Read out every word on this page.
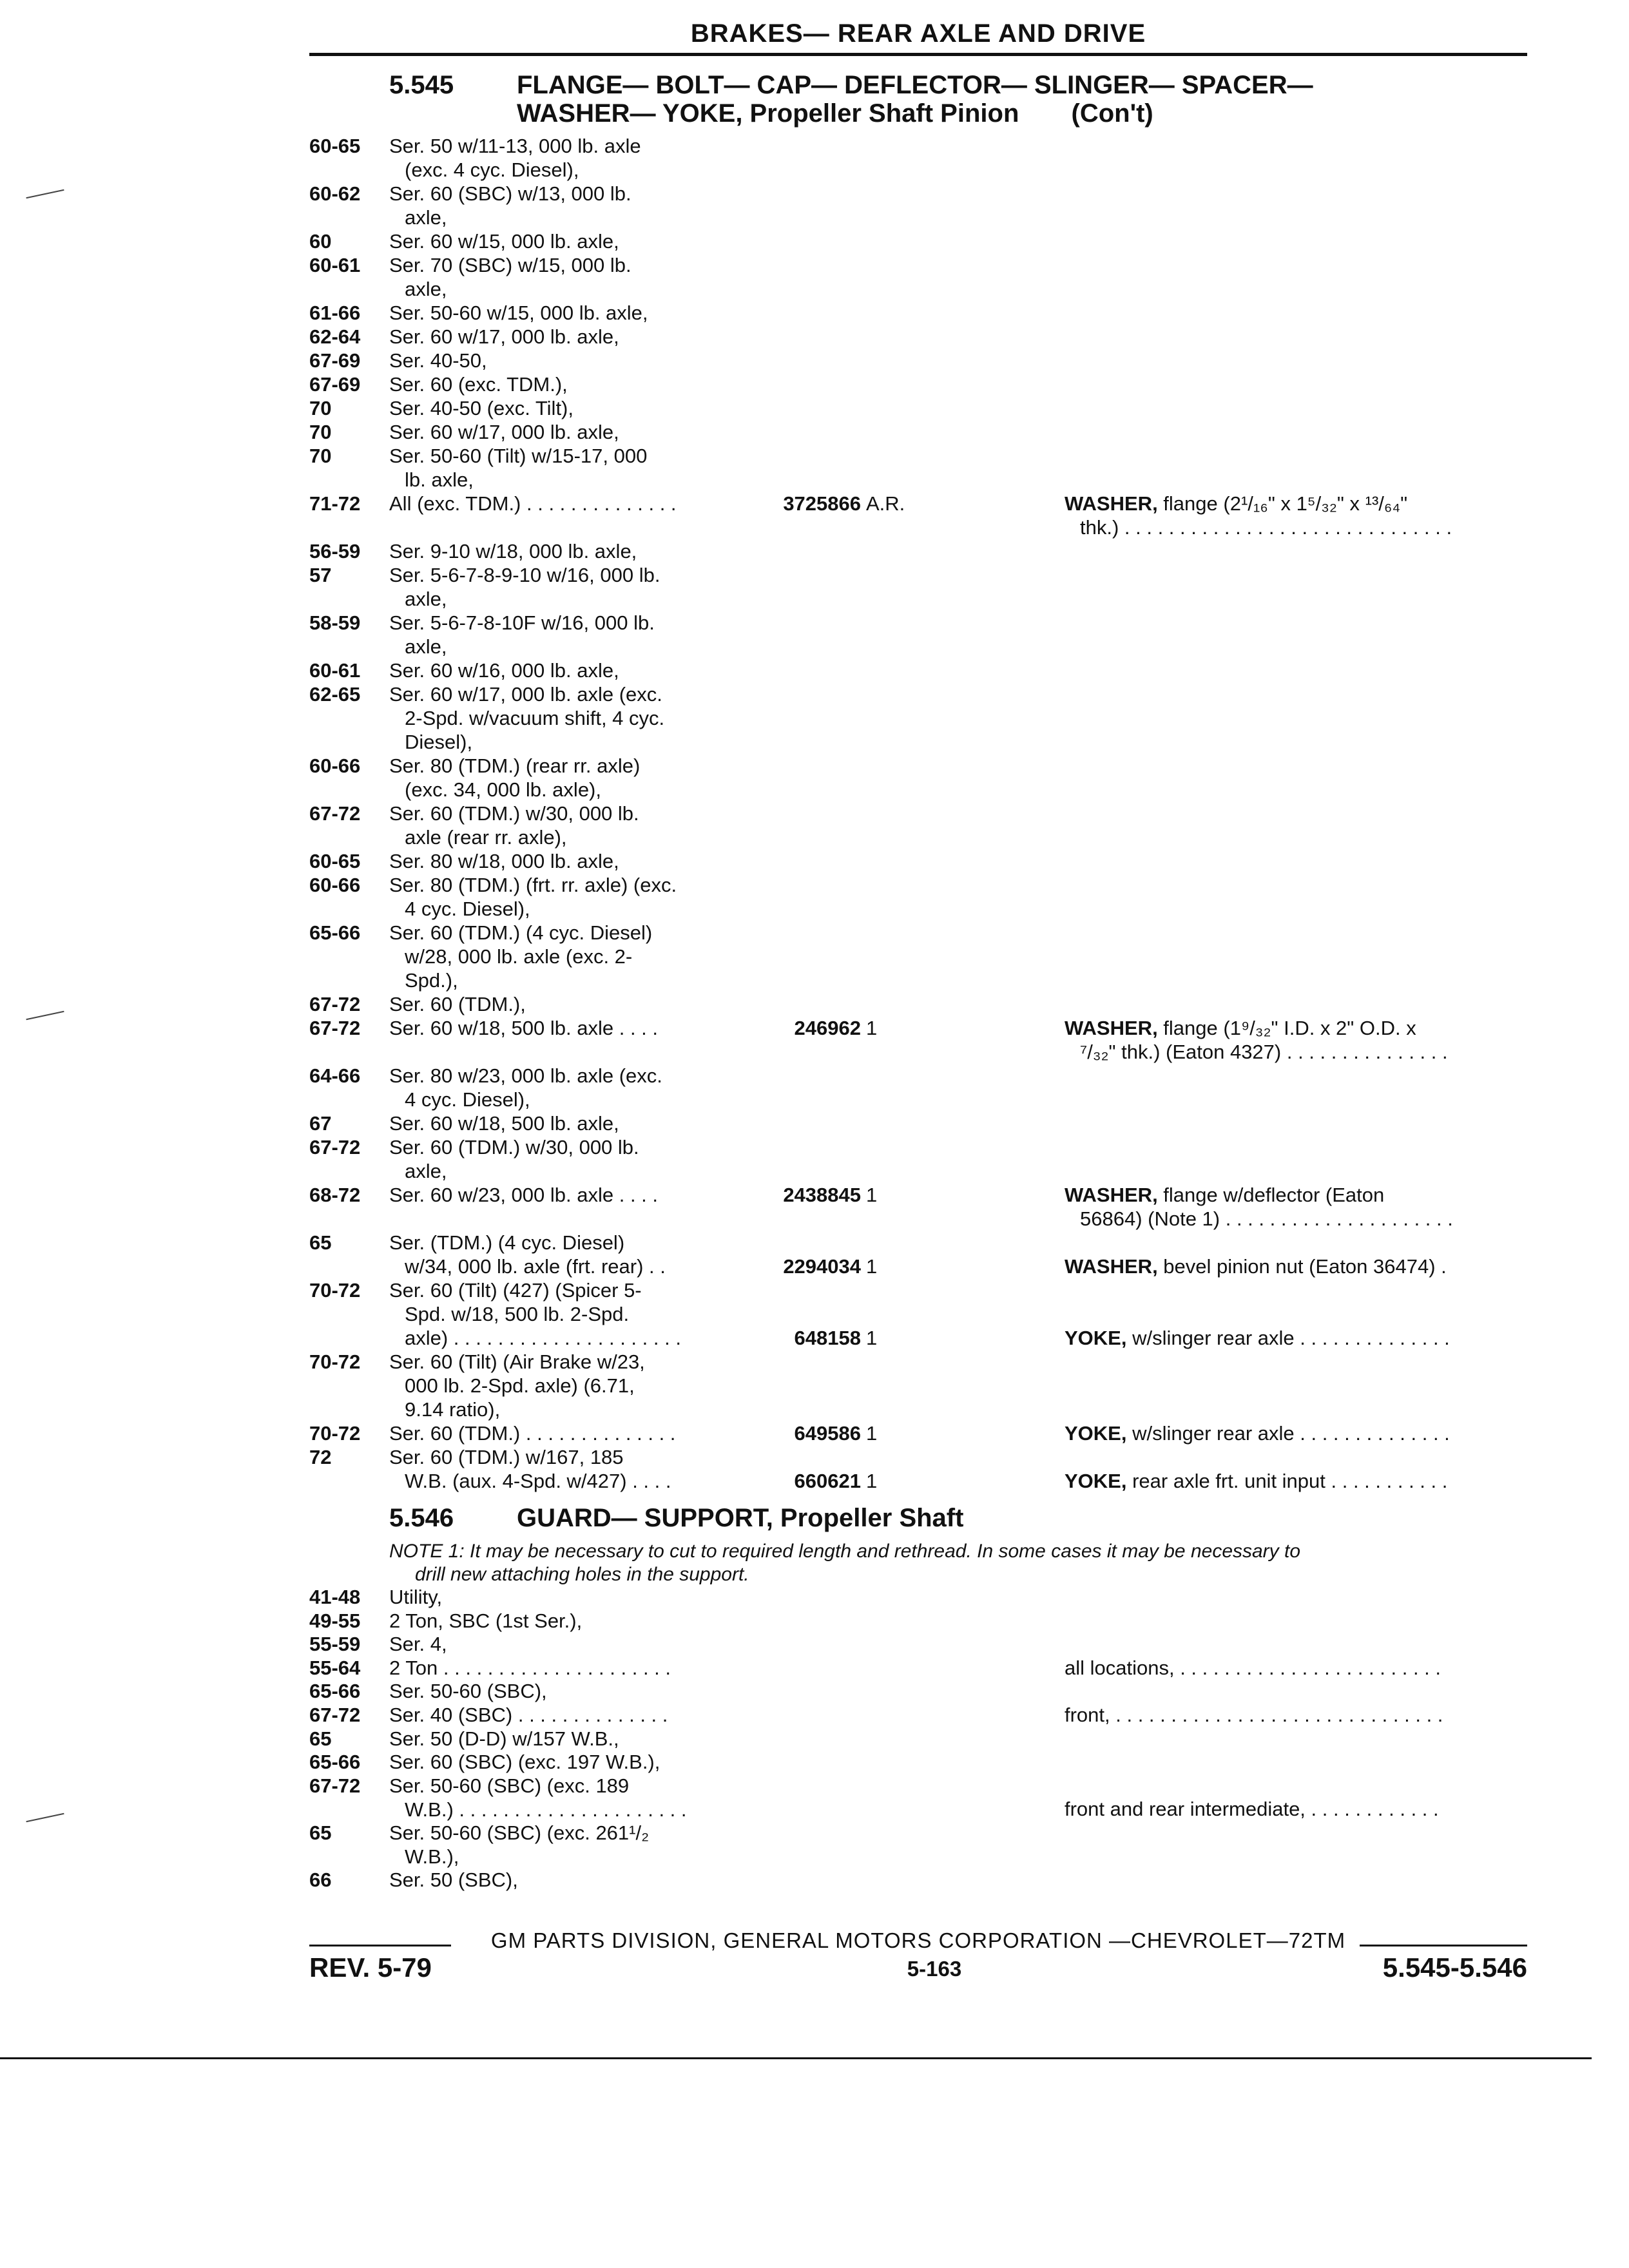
BRAKES— REAR AXLE AND DRIVE
5.545 FLANGE— BOLT— CAP— DEFLECTOR— SLINGER— SPACER—
WASHER— YOKE, Propeller Shaft Pinion (Con't)
60-65 Ser. 50 w/11-13, 000 lb. axle
(exc. 4 cyc. Diesel),
60-62 Ser. 60 (SBC) w/13, 000 lb.
axle,
60	Ser. 60 w/15, 000 lb. axle,
60-61 Ser. 70 (SBC) w/15, 000 lb.
axle,
61-66 Ser. 50-60 w/15, 000 lb. axle,
62-64 Ser. 60 w/17, 000 lb. axle,
67-69 Ser. 40-50,
67-69 Ser. 60 (exc. TDM.),
70	Ser. 40-50 (exc. Tilt),
70	Ser. 60 w/17, 000 lb. axle,
70	Ser. 50-60 (Tilt) w/15-17, 000
lb. axle,
71-72 All (exc. TDM.) . . . . . . . . . . . . . .	3725866 A.R.	WASHER, flange (2¹/₁₆" x 1⁵/₃₂" x ¹³/₆₄"
thk.) . . . . . . . . . . . . . . . . . . . . . . . . . . . . . .
56-59 Ser. 9-10 w/18, 000 lb. axle,
57	Ser. 5-6-7-8-9-10 w/16, 000 lb.
axle,
58-59 Ser. 5-6-7-8-10F w/16, 000 lb.
axle,
60-61 Ser. 60 w/16, 000 lb. axle,
62-65 Ser. 60 w/17, 000 lb. axle (exc.
2-Spd. w/vacuum shift, 4 cyc.
Diesel),
60-66 Ser. 80 (TDM.) (rear rr. axle)
(exc. 34, 000 lb. axle),
67-72 Ser. 60 (TDM.) w/30, 000 lb.
axle (rear rr. axle),
60-65 Ser. 80 w/18, 000 lb. axle,
60-66 Ser. 80 (TDM.) (frt. rr. axle) (exc.
4 cyc. Diesel),
65-66 Ser. 60 (TDM.) (4 cyc. Diesel)
w/28, 000 lb. axle (exc. 2-
Spd.),
67-72 Ser. 60 (TDM.),
67-72 Ser. 60 w/18, 500 lb. axle . . . .	246962 1	WASHER, flange (1⁹/₃₂" I.D. x 2" O.D. x
⁷/₃₂" thk.) (Eaton 4327) . . . . . . . . . . . . . . .
64-66 Ser. 80 w/23, 000 lb. axle (exc.
4 cyc. Diesel),
67	Ser. 60 w/18, 500 lb. axle,
67-72 Ser. 60 (TDM.) w/30, 000 lb.
axle,
68-72 Ser. 60 w/23, 000 lb. axle . . . .	2438845 1	WASHER, flange w/deflector (Eaton
56864) (Note 1) . . . . . . . . . . . . . . . . . . . . .
65	Ser. (TDM.) (4 cyc. Diesel)
w/34, 000 lb. axle (frt. rear) . .	2294034 1	WASHER, bevel pinion nut (Eaton 36474) .
70-72 Ser. 60 (Tilt) (427) (Spicer 5-
Spd. w/18, 500 lb. 2-Spd.
axle) . . . . . . . . . . . . . . . . . . . . .	648158 1	YOKE, w/slinger rear axle . . . . . . . . . . . . . .
70-72 Ser. 60 (Tilt) (Air Brake w/23,
000 lb. 2-Spd. axle) (6.71,
9.14 ratio),
70-72 Ser. 60 (TDM.) . . . . . . . . . . . . . .	649586 1	YOKE, w/slinger rear axle . . . . . . . . . . . . . .
72	Ser. 60 (TDM.) w/167, 185
W.B. (aux. 4-Spd. w/427) . . . .	660621 1	YOKE, rear axle frt. unit input . . . . . . . . . . .
5.546 GUARD— SUPPORT, Propeller Shaft
NOTE 1: It may be necessary to cut to required length and rethread. In some cases it may be necessary to
drill new attaching holes in the support.
41-48 Utility,
49-55 2 Ton, SBC (1st Ser.),
55-59 Ser. 4,
55-64 2 Ton . . . . . . . . . . . . . . . . . . . . .	all locations, . . . . . . . . . . . . . . . . . . . . . . . .
65-66 Ser. 50-60 (SBC),
67-72 Ser. 40 (SBC) . . . . . . . . . . . . . .	front, . . . . . . . . . . . . . . . . . . . . . . . . . . . . . .
65	Ser. 50 (D-D) w/157 W.B.,
65-66 Ser. 60 (SBC) (exc. 197 W.B.),
67-72 Ser. 50-60 (SBC) (exc. 189
W.B.) . . . . . . . . . . . . . . . . . . . . .	front and rear intermediate, . . . . . . . . . . . .
65	Ser. 50-60 (SBC) (exc. 261¹/₂
W.B.),
66	Ser. 50 (SBC),
GM PARTS DIVISION, GENERAL MOTORS CORPORATION —CHEVROLET—72TM
REV. 5-79	5-163	5.545-5.546
